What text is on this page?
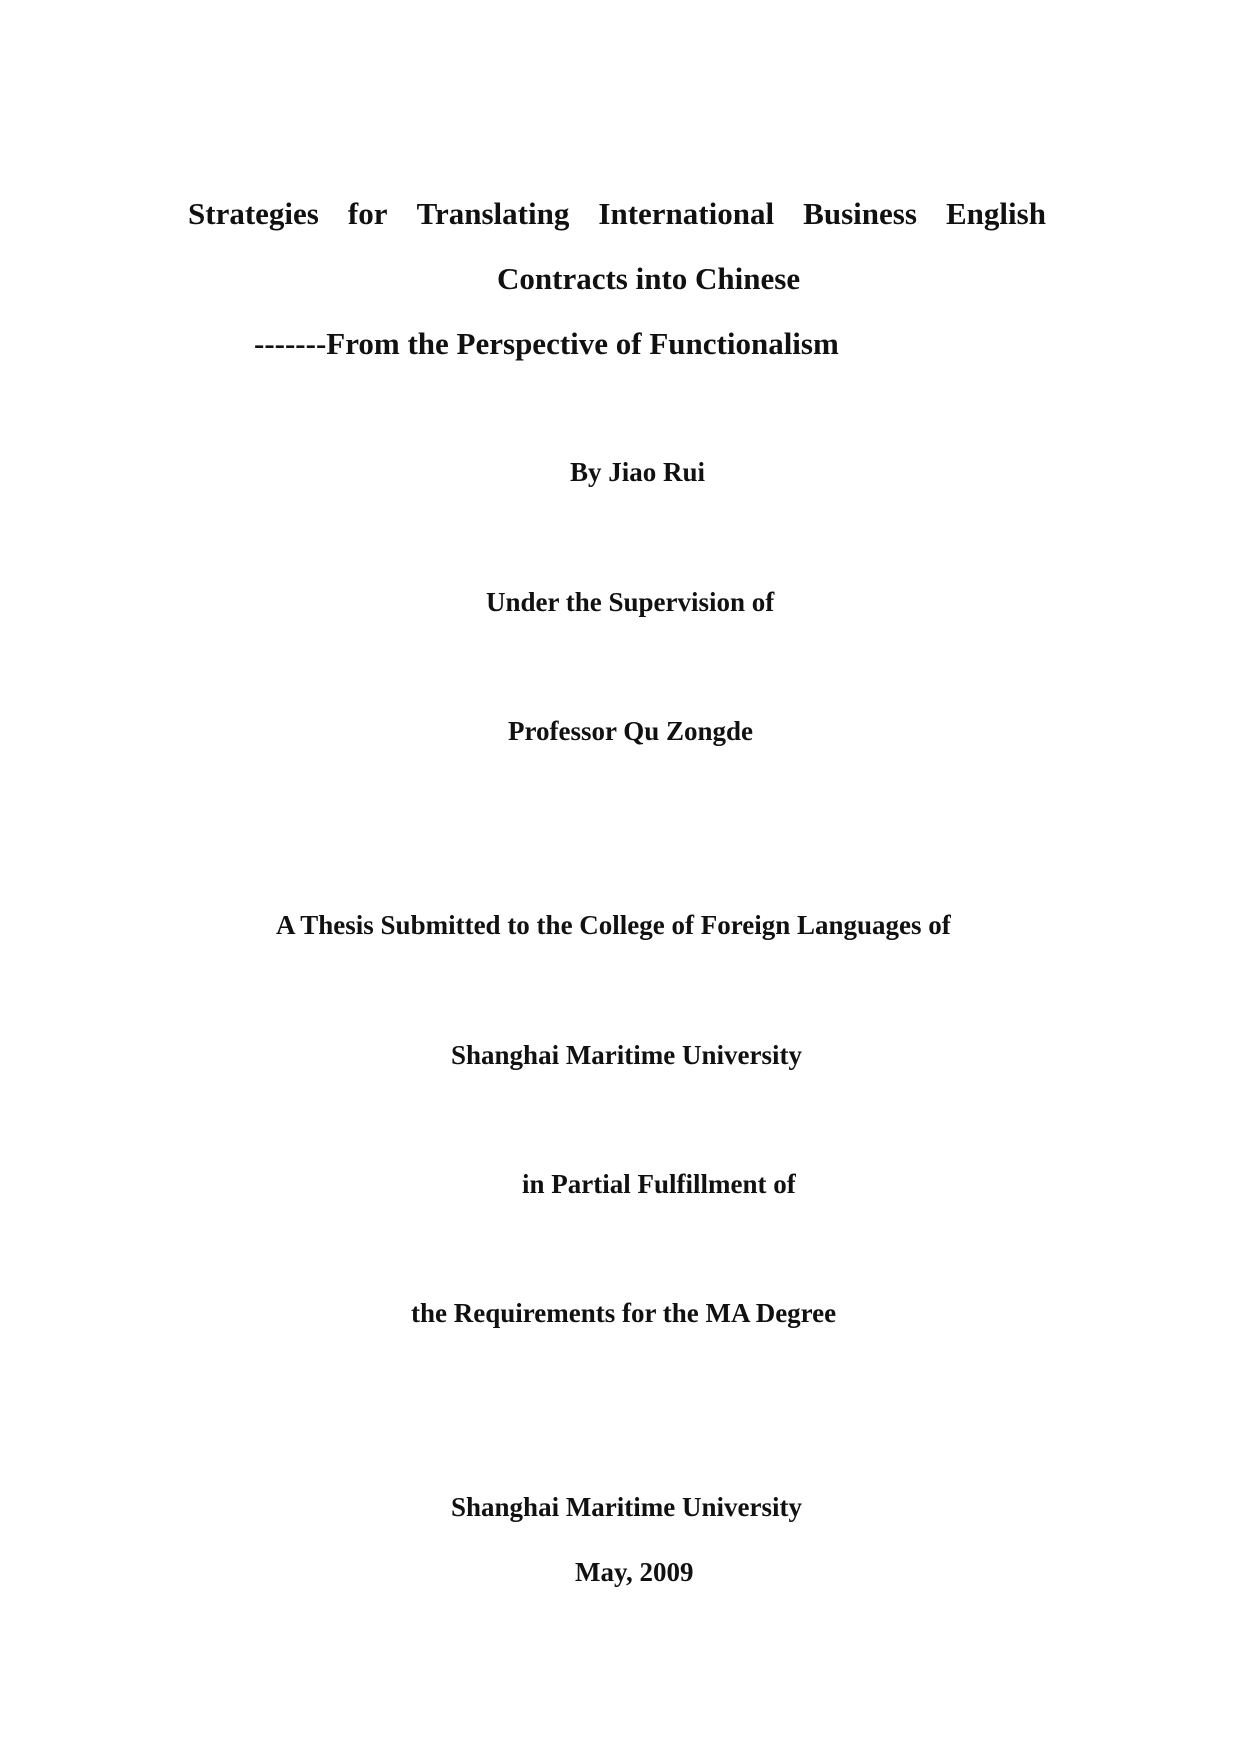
Strategies for Translating International Business English
Contracts into Chinese
-------From the Perspective of Functionalism
By Jiao Rui
Under the Supervision of
Professor Qu Zongde
A Thesis Submitted to the College of Foreign Languages of
Shanghai Maritime University
in Partial Fulfillment of
the Requirements for the MA Degree
Shanghai Maritime University
May, 2009
